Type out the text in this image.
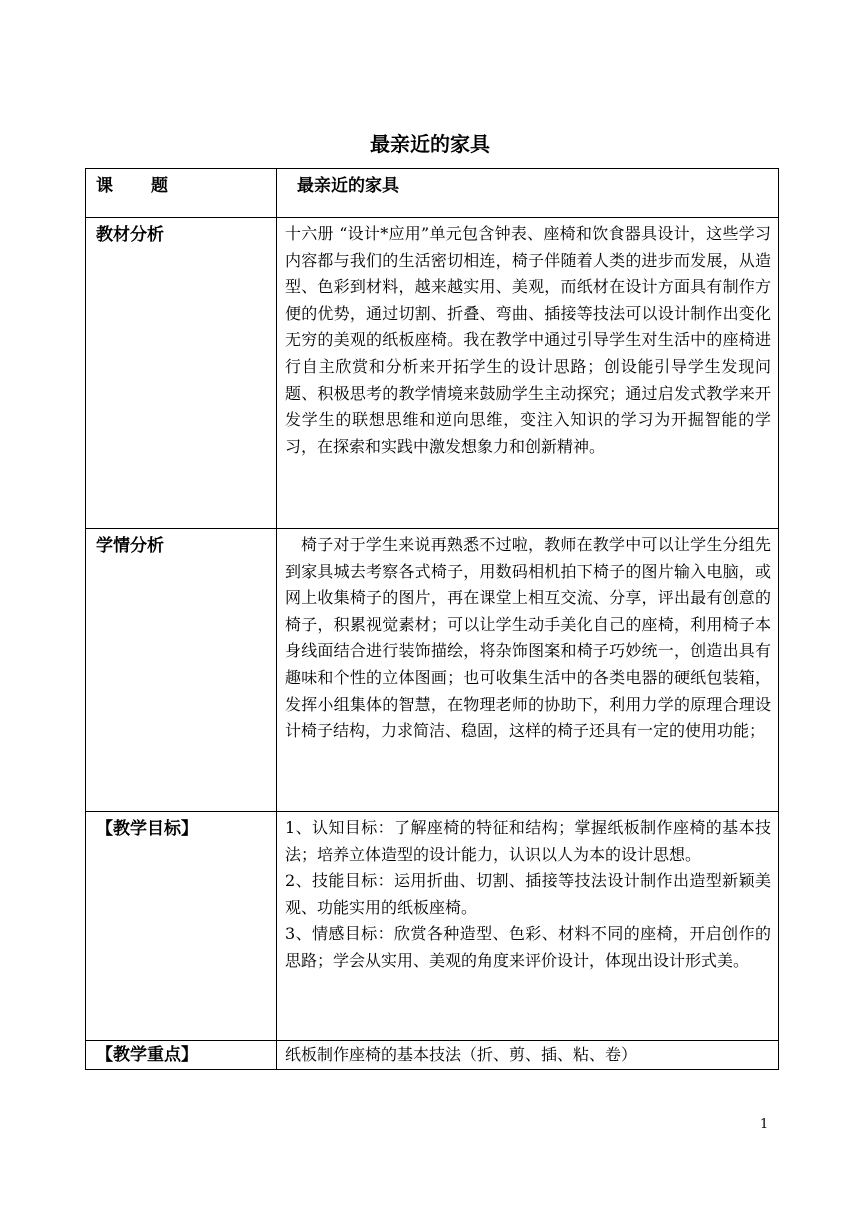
最亲近的家具
课题	最亲近的家具

教材分析	十六册 “设计*应用”单元包含钟表、座椅和饮食器具设计，这些学习内容都与我们的生活密切相连，椅子伴随着人类的进步而发展，从造型、色彩到材料，越来越实用、美观，而纸材在设计方面具有制作方便的优势，通过切割、折叠、弯曲、插接等技法可以设计制作出变化无穷的美观的纸板座椅。我在教学中通过引导学生对生活中的座椅进行自主欣赏和分析来开拓学生的设计思路；创设能引导学生发现问题、积极思考的教学情境来鼓励学生主动探究；通过启发式教学来开发学生的联想思维和逆向思维，变注入知识的学习为开掘智能的学习，在探索和实践中激发想象力和创新精神。
学情分析	椅子对于学生来说再熟悉不过啦，教师在教学中可以让学生分组先到家具城去考察各式椅子，用数码相机拍下椅子的图片输入电脑，或网上收集椅子的图片，再在课堂上相互交流、分享，评出最有创意的椅子，积累视觉素材；可以让学生动手美化自己的座椅，利用椅子本身线面结合进行装饰描绘，将杂饰图案和椅子巧妙统一，创造出具有趣味和个性的立体图画；也可收集生活中的各类电器的硬纸包装箱，发挥小组集体的智慧，在物理老师的协助下，利用力学的原理合理设计椅子结构，力求简洁、稳固，这样的椅子还具有一定的使用功能；
【教学目标】	1、认知目标：了解座椅的特征和结构；掌握纸板制作座椅的基本技法；培养立体造型的设计能力，认识以人为本的设计思想。
2、技能目标：运用折曲、切割、插接等技法设计制作出造型新颖美观、功能实用的纸板座椅。
3、情感目标：欣赏各种造型、色彩、材料不同的座椅，开启创作的思路；学会从实用、美观的角度来评价设计，体现出设计形式美。

【教学重点】	纸板制作座椅的基本技法（折、剪、插、粘、卷）
1
